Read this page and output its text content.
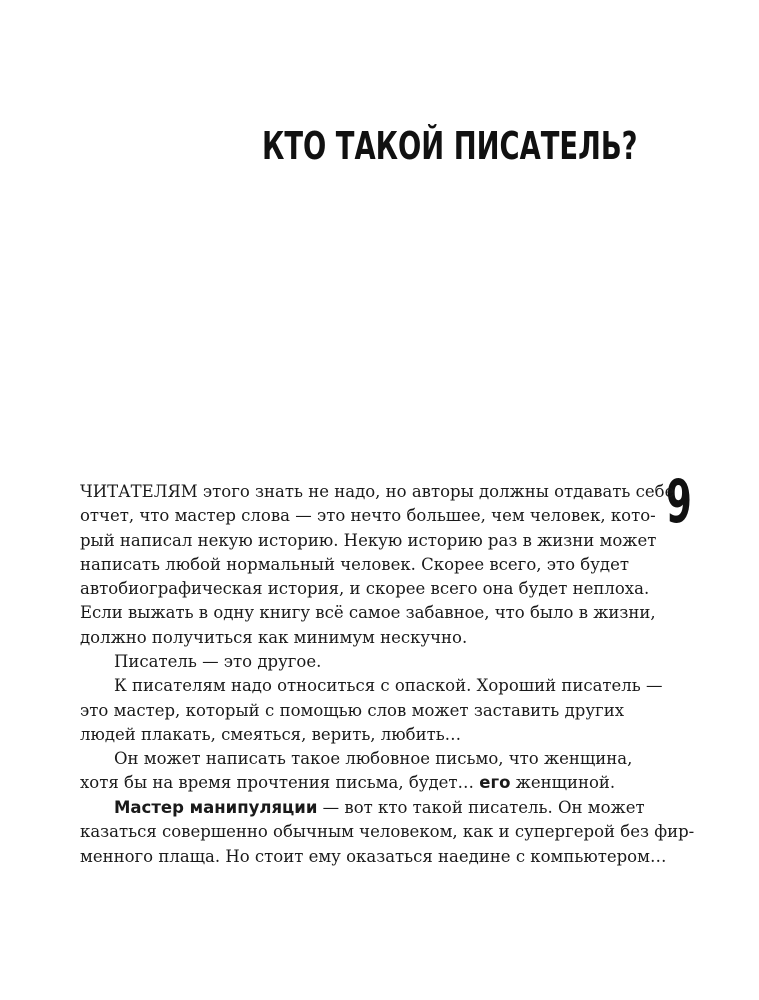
КТО ТАКОЙ ПИСАТЕЛЬ?
9
ЧИТАТЕЛЯМ этого знать не надо, но авторы должны отдавать себе
отчет, что мастер слова — это нечто большее, чем человек, кото-
рый написал некую историю. Некую историю раз в жизни может
написать любой нормальный человек. Скорее всего, это будет
автобиографическая история, и скорее всего она будет неплоха.
Если выжать в одну книгу всё самое забавное, что было в жизни,
должно получиться как минимум нескучно.
Писатель — это другое.
К писателям надо относиться с опаской. Хороший писатель —
это мастер, который с помощью слов может заставить других
людей плакать, смеяться, верить, любить…
Он может написать такое любовное письмо, что женщина,
хотя бы на время прочтения письма, будет… его женщиной.
Мастер манипуляции — вот кто такой писатель. Он может
казаться совершенно обычным человеком, как и супергерой без фир-
менного плаща. Но стоит ему оказаться наедине с компьютером…
